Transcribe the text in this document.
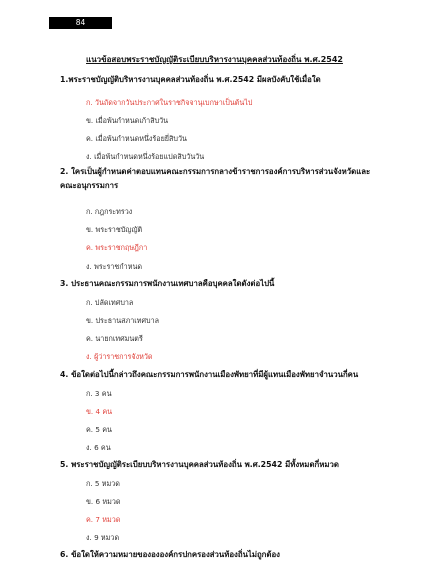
84
แนวข้อสอบพระราชบัญญัติระเบียบบริหารงานบุคคลส่วนท้องถิ่น พ.ศ.2542
1.พระราชบัญญัติบริหารงานบุคคลส่วนท้องถิ่น พ.ศ.2542 มีผลบังคับใช้เมื่อใด
ก. วันถัดจากวันประกาศในราชกิจจานุเบกษาเป็นต้นไป
ข. เมื่อพ้นกำหนดเก้าสิบวัน
ค. เมื่อพ้นกำหนดหนึ่งร้อยยี่สิบวัน
ง. เมื่อพ้นกำหนดหนึ่งร้อยแปดสิบวันวัน
2. ใครเป็นผู้กำหนดค่าตอบแทนคณะกรรมการกลางข้าราชการองค์การบริหารส่วนจังหวัดและคณะอนุกรรมการ
ก. กฎกระทรวง
ข. พระราชบัญญัติ
ค. พระราชกฤษฎีกา
ง. พระราชกำหนด
3. ประธานคณะกรรมการพนักงานเทศบาลคือบุคคลใดดังต่อไปนี้
ก. ปลัดเทศบาล
ข. ประธานสภาเทศบาล
ค. นายกเทศมนตรี
ง. ผู้ว่าราชการจังหวัด
4. ข้อใดต่อไปนี้กล่าวถึงคณะกรรมการพนักงานเมืองพัทยาที่มีผู้แทนเมืองพัทยาจำนวนกี่คน
ก. 3 คน
ข. 4 คน
ค. 5 คน
ง. 6 คน
5. พระราชบัญญัติระเบียบบริหารงานบุคคลส่วนท้องถิ่น พ.ศ.2542 มีทั้งหมดกี่หมวด
ก. 5 หมวด
ข. 6 หมวด
ค. 7 หมวด
ง. 9 หมวด
6. ข้อใดให้ความหมายของององค์กรปกครองส่วนท้องถิ่นไม่ถูกต้อง
